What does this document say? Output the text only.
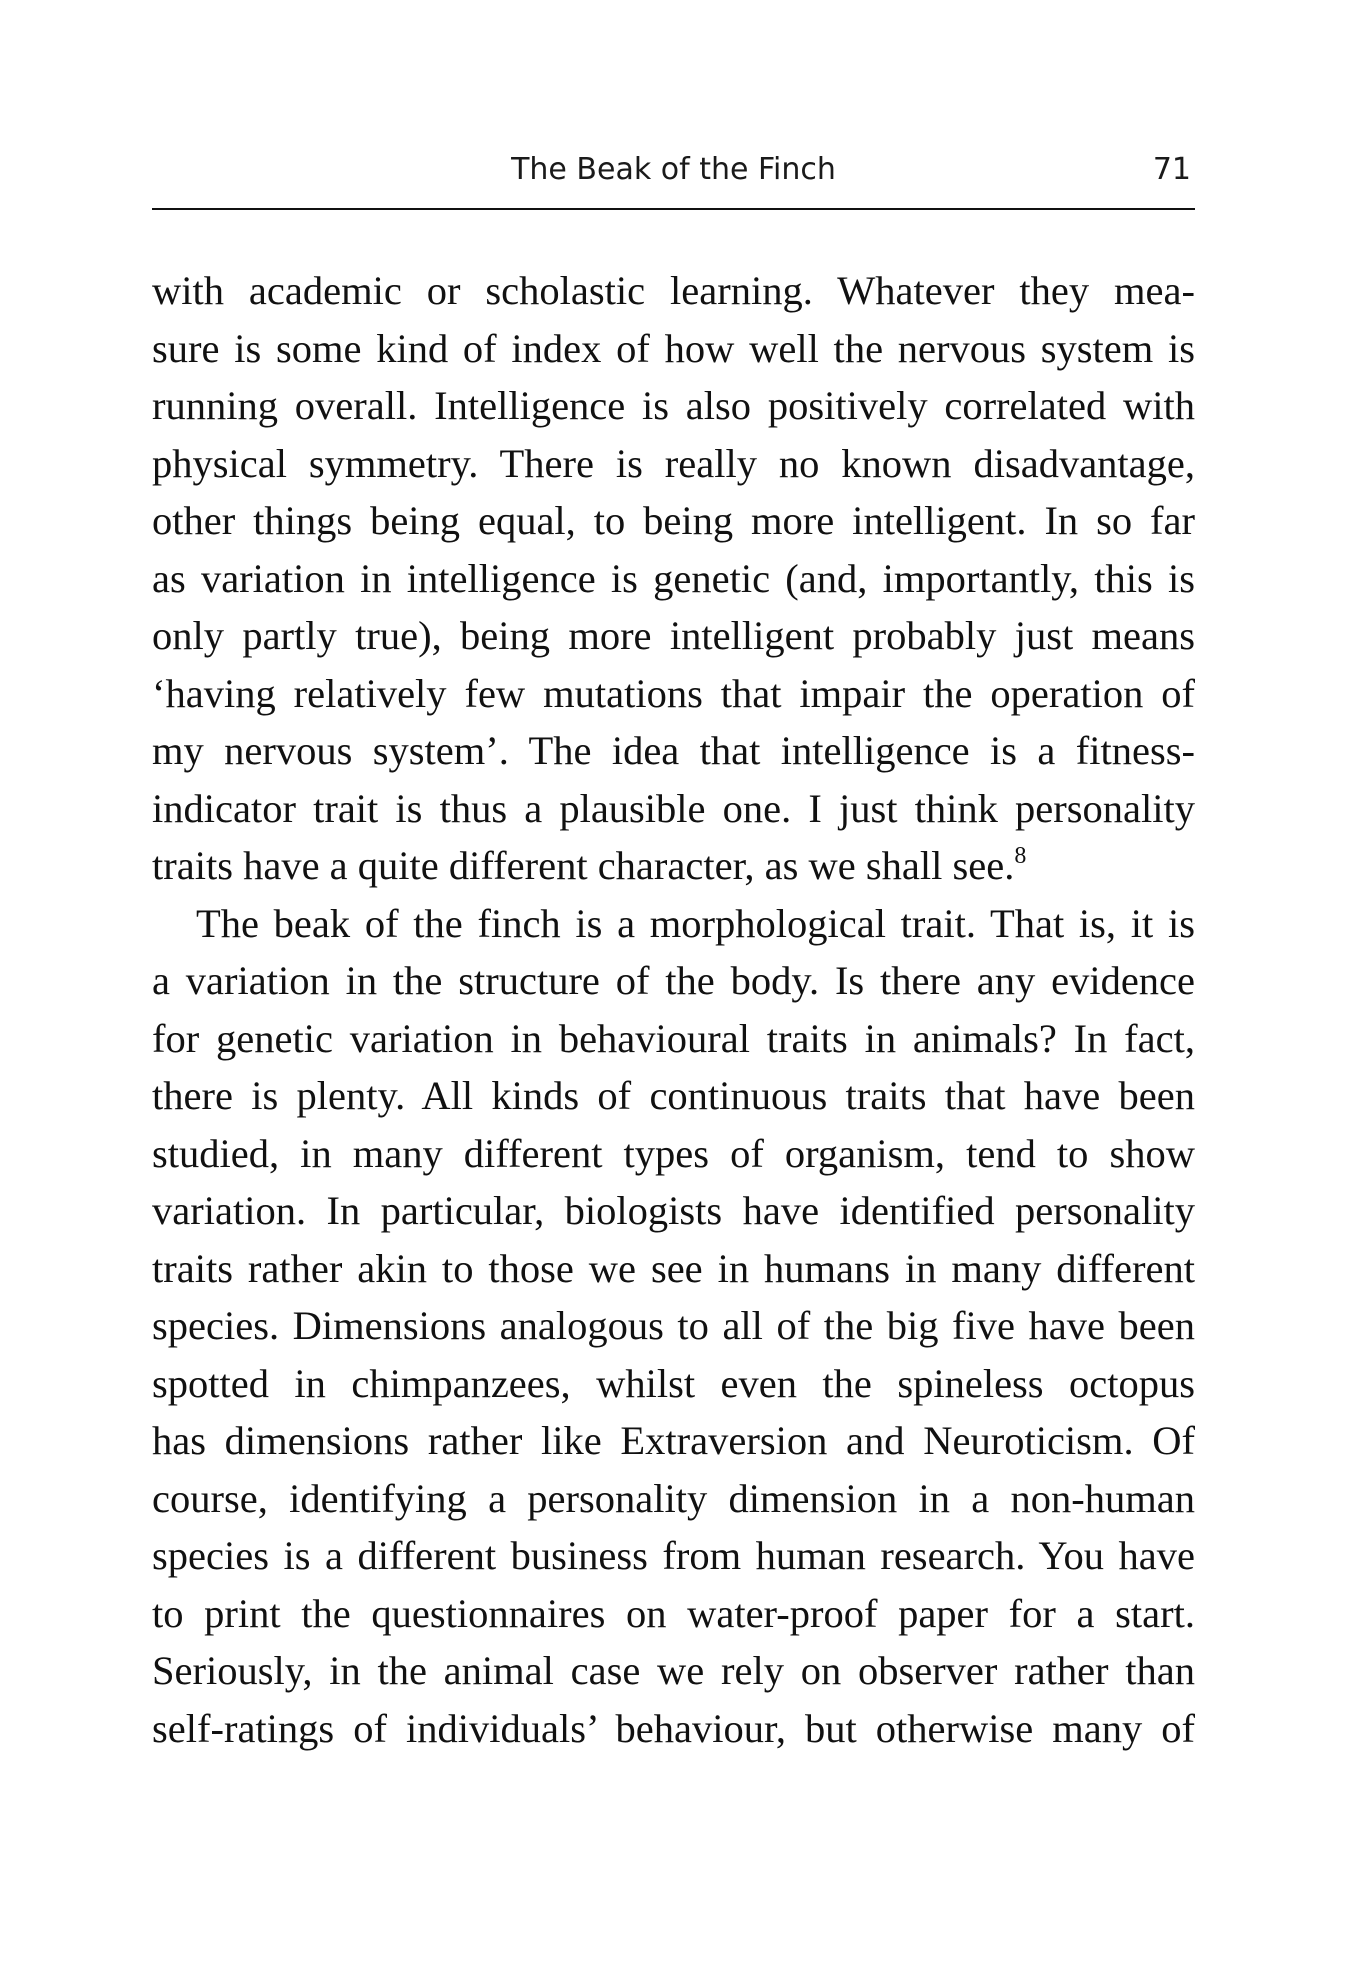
The Beak of the Finch	71
with academic or scholastic learning. Whatever they mea-
sure is some kind of index of how well the nervous system is
running overall. Intelligence is also positively correlated with
physical symmetry. There is really no known disadvantage,
other things being equal, to being more intelligent. In so far
as variation in intelligence is genetic (and, importantly, this is
only partly true), being more intelligent probably just means
‘having relatively few mutations that impair the operation of
my nervous system’. The idea that intelligence is a fitness-
indicator trait is thus a plausible one. I just think personality
traits have a quite different character, as we shall see.$^8$
The beak of the finch is a morphological trait. That is, it is
a variation in the structure of the body. Is there any evidence
for genetic variation in behavioural traits in animals? In fact,
there is plenty. All kinds of continuous traits that have been
studied, in many different types of organism, tend to show
variation. In particular, biologists have identified personality
traits rather akin to those we see in humans in many different
species. Dimensions analogous to all of the big five have been
spotted in chimpanzees, whilst even the spineless octopus
has dimensions rather like Extraversion and Neuroticism. Of
course, identifying a personality dimension in a non-human
species is a different business from human research. You have
to print the questionnaires on water-proof paper for a start.
Seriously, in the animal case we rely on observer rather than
self-ratings of individuals’ behaviour, but otherwise many of
